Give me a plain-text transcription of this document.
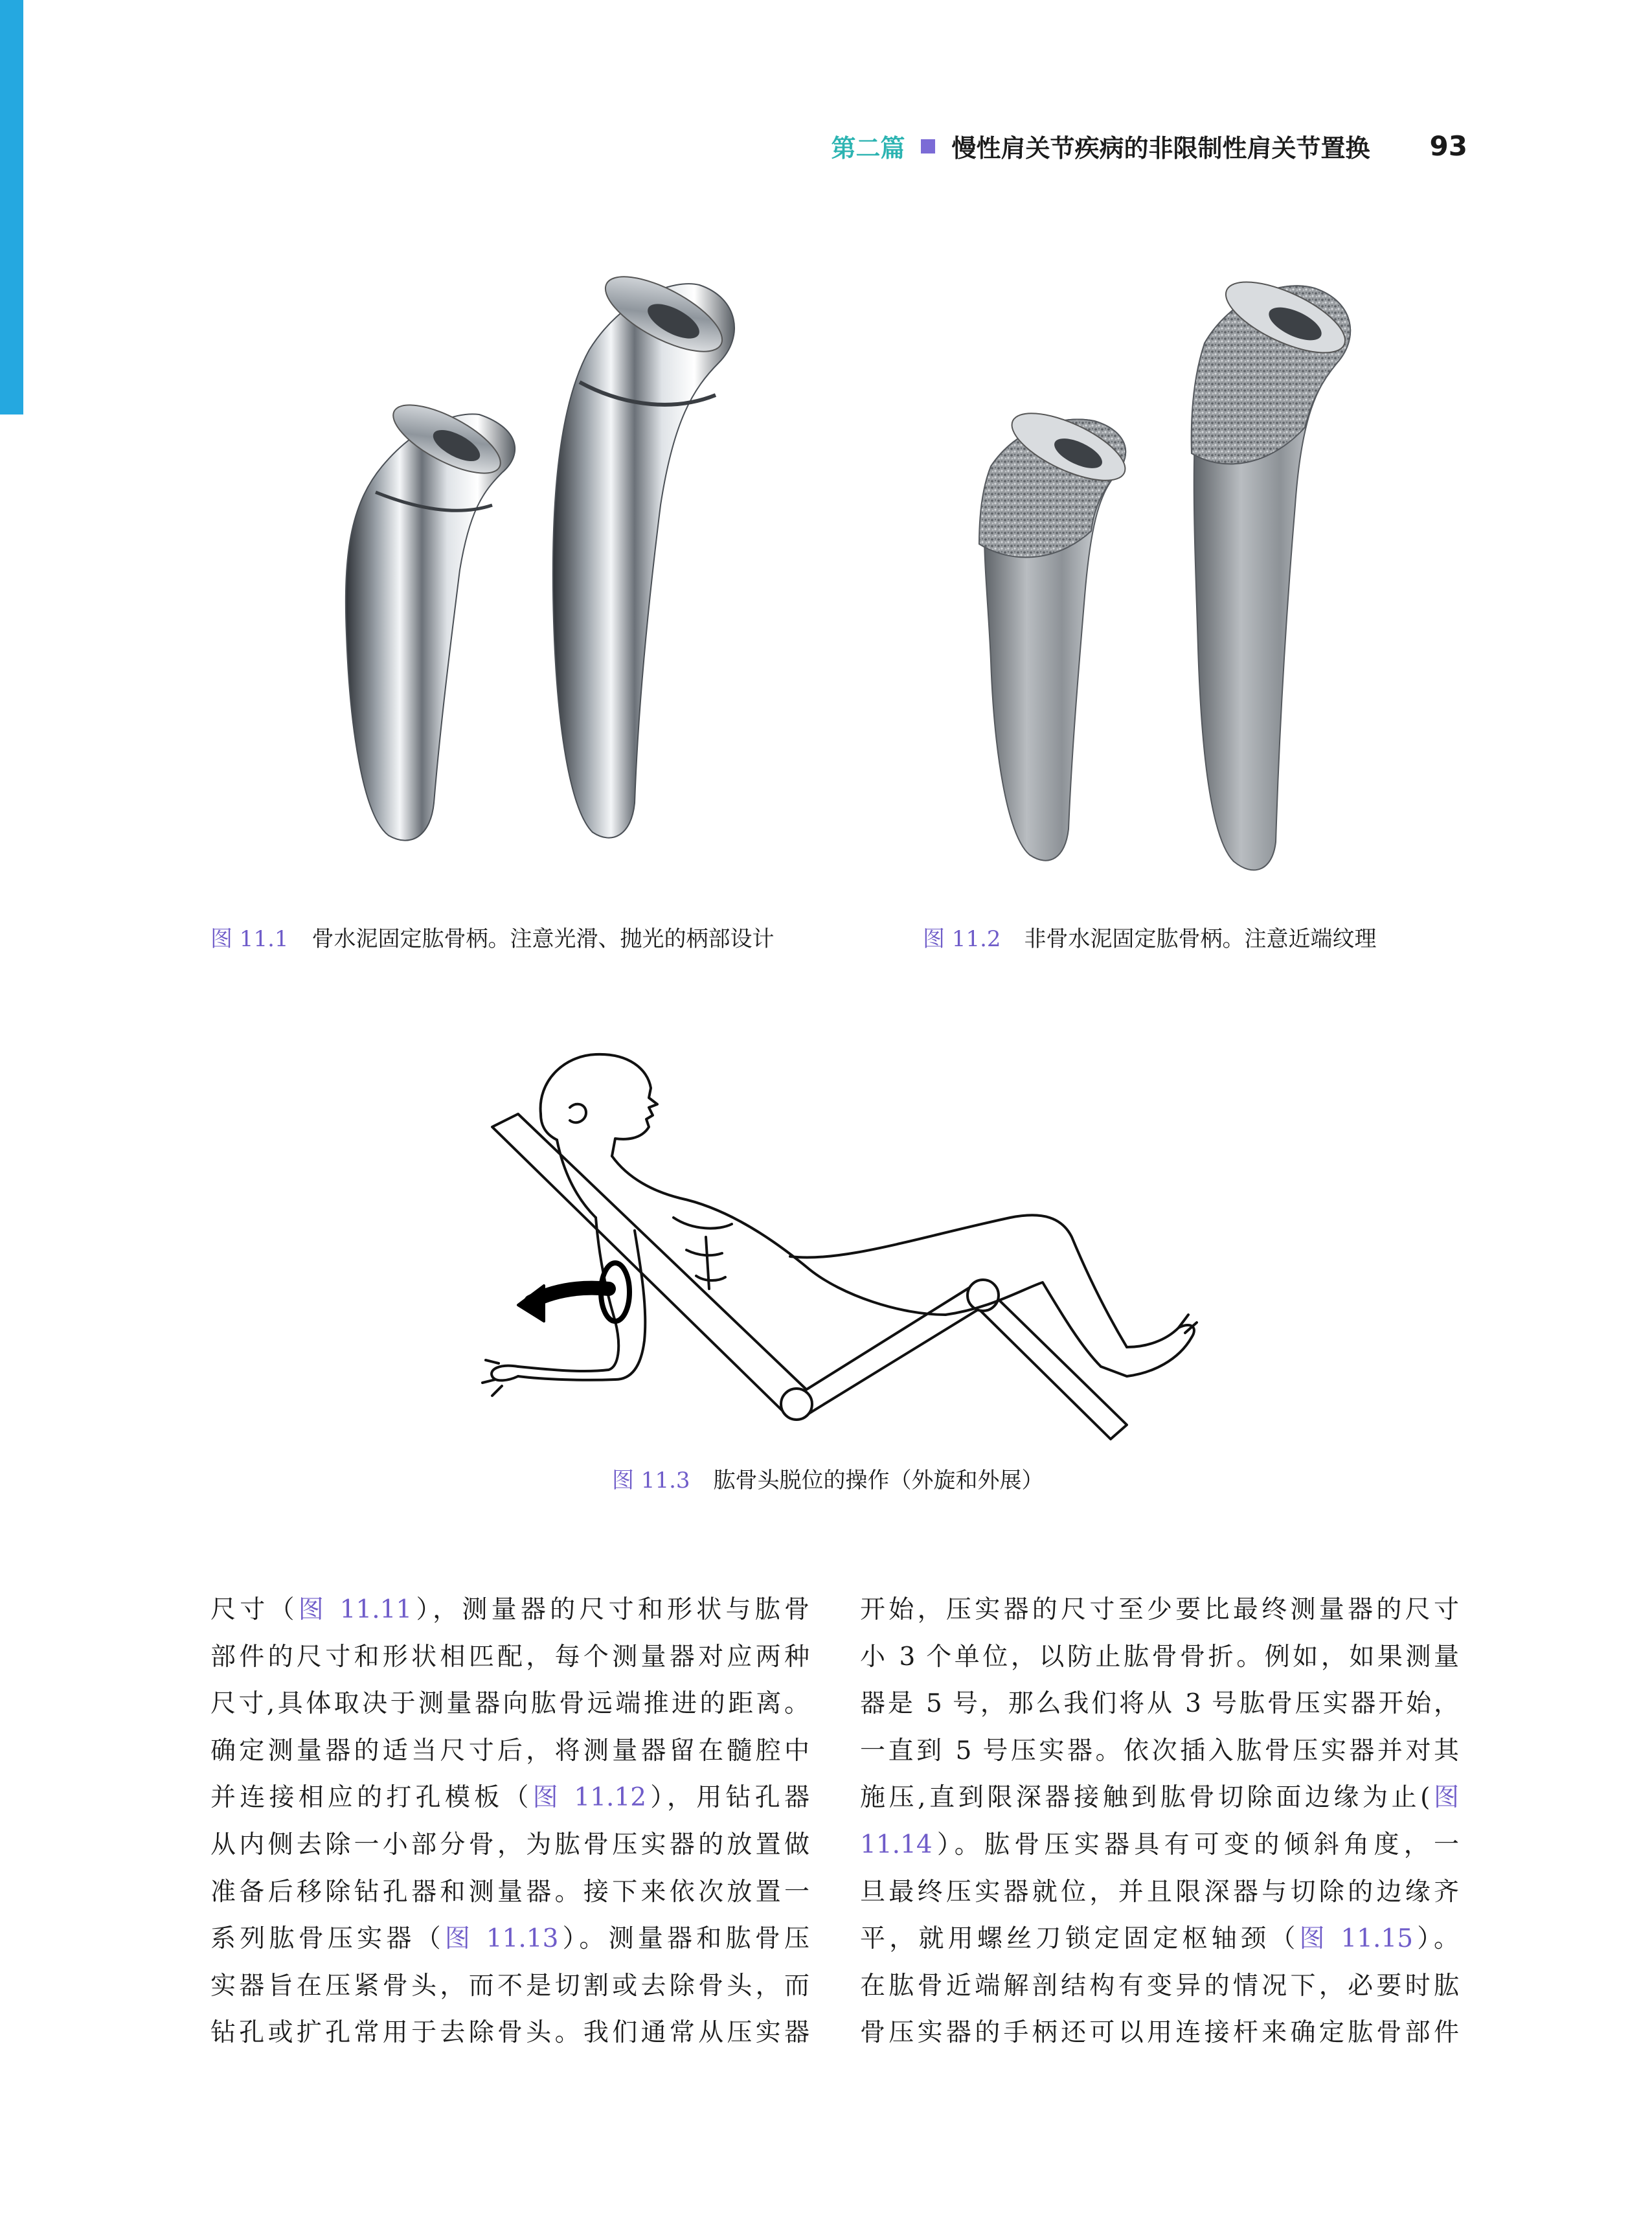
第二篇 慢性肩关节疾病的非限制性肩关节置换 93
图 11.1 骨水泥固定肱骨柄。注意光滑、抛光的柄部设计	图 11.2 非骨水泥固定肱骨柄。注意近端纹理
图 11.3 肱骨头脱位的操作（外旋和外展）
尺寸（图 11.11），测量器的尺寸和形状与肱骨
部件的尺寸和形状相匹配，每个测量器对应两种
尺寸,具体取决于测量器向肱骨远端推进的距离。
确定测量器的适当尺寸后，将测量器留在髓腔中
并连接相应的打孔模板（图 11.12），用钻孔器
从内侧去除一小部分骨，为肱骨压实器的放置做
准备后移除钻孔器和测量器。接下来依次放置一
系列肱骨压实器（图 11.13）。测量器和肱骨压
实器旨在压紧骨头，而不是切割或去除骨头，而
钻孔或扩孔常用于去除骨头。我们通常从压实器
开始，压实器的尺寸至少要比最终测量器的尺寸
小 3 个单位，以防止肱骨骨折。例如，如果测量
器是 5 号，那么我们将从 3 号肱骨压实器开始，
一直到 5 号压实器。依次插入肱骨压实器并对其
施压,直到限深器接触到肱骨切除面边缘为止(图
11.14）。肱骨压实器具有可变的倾斜角度，一
旦最终压实器就位，并且限深器与切除的边缘齐
平，就用螺丝刀锁定固定枢轴颈（图 11.15）。
在肱骨近端解剖结构有变异的情况下，必要时肱
骨压实器的手柄还可以用连接杆来确定肱骨部件
